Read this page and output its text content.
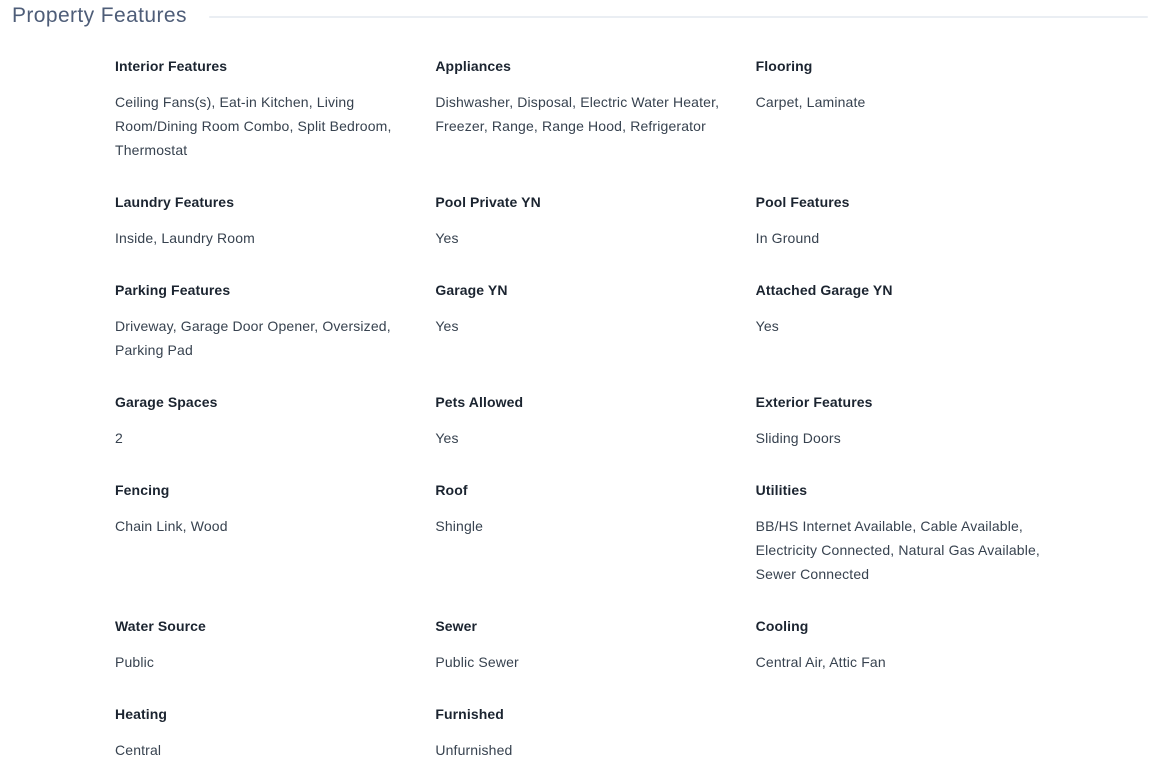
Property Features
Interior Features
Ceiling Fans(s), Eat-in Kitchen, Living Room/Dining Room Combo, Split Bedroom, Thermostat
Appliances
Dishwasher, Disposal, Electric Water Heater, Freezer, Range, Range Hood, Refrigerator
Flooring
Carpet, Laminate
Laundry Features
Inside, Laundry Room
Pool Private YN
Yes
Pool Features
In Ground
Parking Features
Driveway, Garage Door Opener, Oversized, Parking Pad
Garage YN
Yes
Attached Garage YN
Yes
Garage Spaces
2
Pets Allowed
Yes
Exterior Features
Sliding Doors
Fencing
Chain Link, Wood
Roof
Shingle
Utilities
BB/HS Internet Available, Cable Available, Electricity Connected, Natural Gas Available, Sewer Connected
Water Source
Public
Sewer
Public Sewer
Cooling
Central Air, Attic Fan
Heating
Central
Furnished
Unfurnished
